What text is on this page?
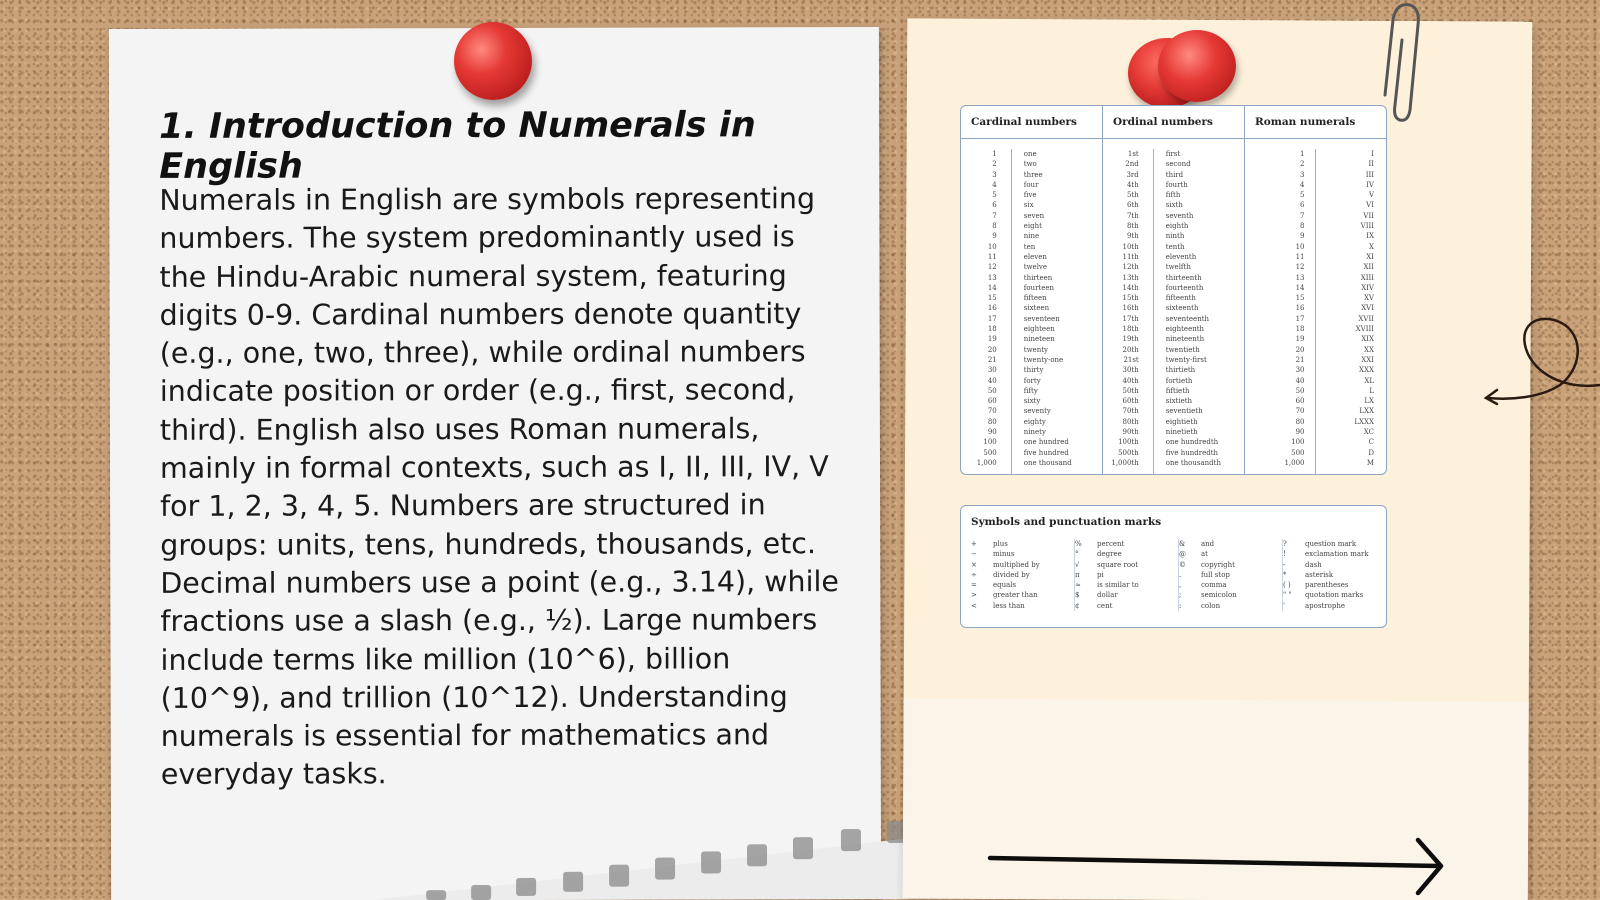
1. Introduction to Numerals in English

Numerals in English are symbols representing numbers. The system predominantly used is the Hindu-Arabic numeral system, featuring digits 0-9. Cardinal numbers denote quantity (e.g., one, two, three), while ordinal numbers indicate position or order (e.g., first, second, third). English also uses Roman numerals, mainly in formal contexts, such as I, II, III, IV, V for 1, 2, 3, 4, 5. Numbers are structured in groups: units, tens, hundreds, thousands, etc. Decimal numbers use a point (e.g., 3.14), while fractions use a slash (e.g., ½). Large numbers include terms like million (10^6), billion (10^9), and trillion (10^12). Understanding numerals is essential for mathematics and everyday tasks.

Cardinal numbers	Ordinal numbers	Roman numerals
1
2
3
4
5
6
7
8
9
10
11
12
13
14
15
16
17
18
19
20
21
30
40
50
60
70
80
90
100
500
1,000
one
two
three
four
five
six
seven
eight
nine
ten
eleven
twelve
thirteen
fourteen
fifteen
sixteen
seventeen
eighteen
nineteen
twenty
twenty-one
thirty
forty
fifty
sixty
seventy
eighty
ninety
one hundred
five hundred
one thousand
1st
2nd
3rd
4th
5th
6th
7th
8th
9th
10th
11th
12th
13th
14th
15th
16th
17th
18th
19th
20th
21st
30th
40th
50th
60th
70th
80th
90th
100th
500th
1,000th
first
second
third
fourth
fifth
sixth
seventh
eighth
ninth
tenth
eleventh
twelfth
thirteenth
fourteenth
fifteenth
sixteenth
seventeenth
eighteenth
nineteenth
twentieth
twenty-first
thirtieth
fortieth
fiftieth
sixtieth
seventieth
eightieth
ninetieth
one hundredth
five hundredth
one thousandth
1
2
3
4
5
6
7
8
9
10
11
12
13
14
15
16
17
18
19
20
21
30
40
50
60
70
80
90
100
500
1,000
I
II
III
IV
V
VI
VII
VIII
IX
X
XI
XII
XIII
XIV
XV
XVI
XVII
XVIII
XIX
XX
XXI
XXX
XL
L
LX
LXX
LXXX
XC
C
D
M
Symbols and punctuation marks
+
−
×
÷
=
>
<
plus
minus
multiplied by
divided by
equals
greater than
less than
%
°
√
π
≈
$
¢
percent
degree
square root
pi
is similar to
dollar
cent
&
@
©
.
,
;
:
and
at
copyright
full stop
comma
semicolon
colon
?
!
-
*
( )
" "
'
question mark
exclamation mark
dash
asterisk
parentheses
quotation marks
apostrophe
